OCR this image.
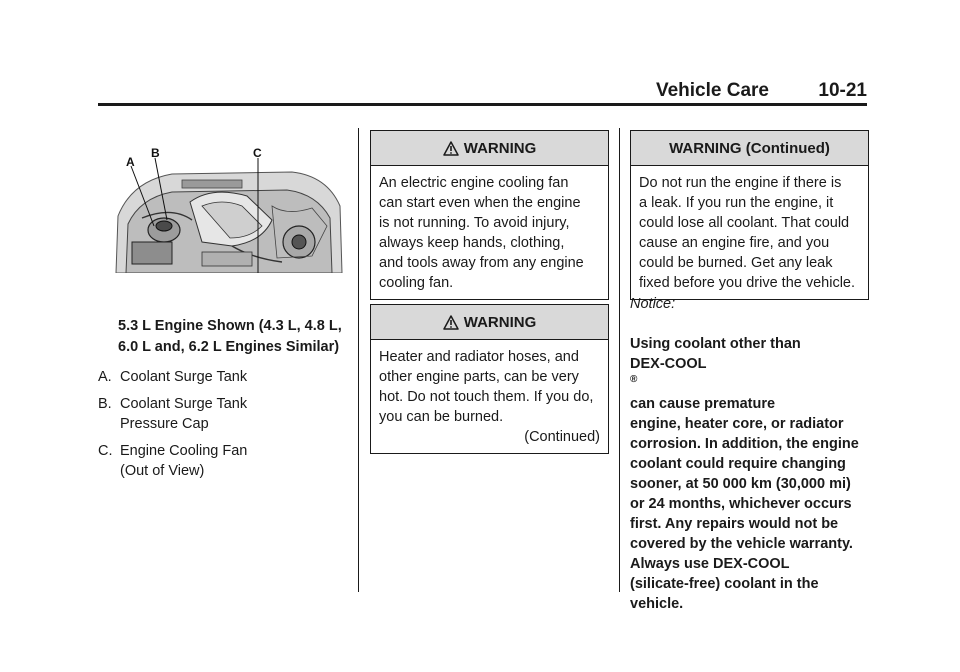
Vehicle Care	10-21
A
B	C
5.3 L Engine Shown (4.3 L, 4.8 L,
6.0 L and, 6.2 L Engines Similar)
A. Coolant Surge Tank
B. Coolant Surge Tank
Pressure Cap
C. Engine Cooling Fan
(Out of View)
WARNING
An electric engine cooling fan
can start even when the engine
is not running. To avoid injury,
always keep hands, clothing,
and tools away from any engine
cooling fan.
WARNING
Heater and radiator hoses, and
other engine parts, can be very
hot. Do not touch them. If you do,
you can be burned.
(Continued)
WARNING (Continued)
Do not run the engine if there is
a leak. If you run the engine, it
could lose all coolant. That could
cause an engine fire, and you
could be burned. Get any leak
fixed before you drive the vehicle.
Notice:

Using coolant other than
DEX-COOL
®
can cause premature
engine, heater core, or radiator
corrosion. In addition, the engine
coolant could require changing
sooner, at 50 000 km (30,000 mi)
or 24 months, whichever occurs
first. Any repairs would not be
covered by the vehicle warranty.
Always use DEX-COOL
(silicate-free) coolant in the
vehicle.
